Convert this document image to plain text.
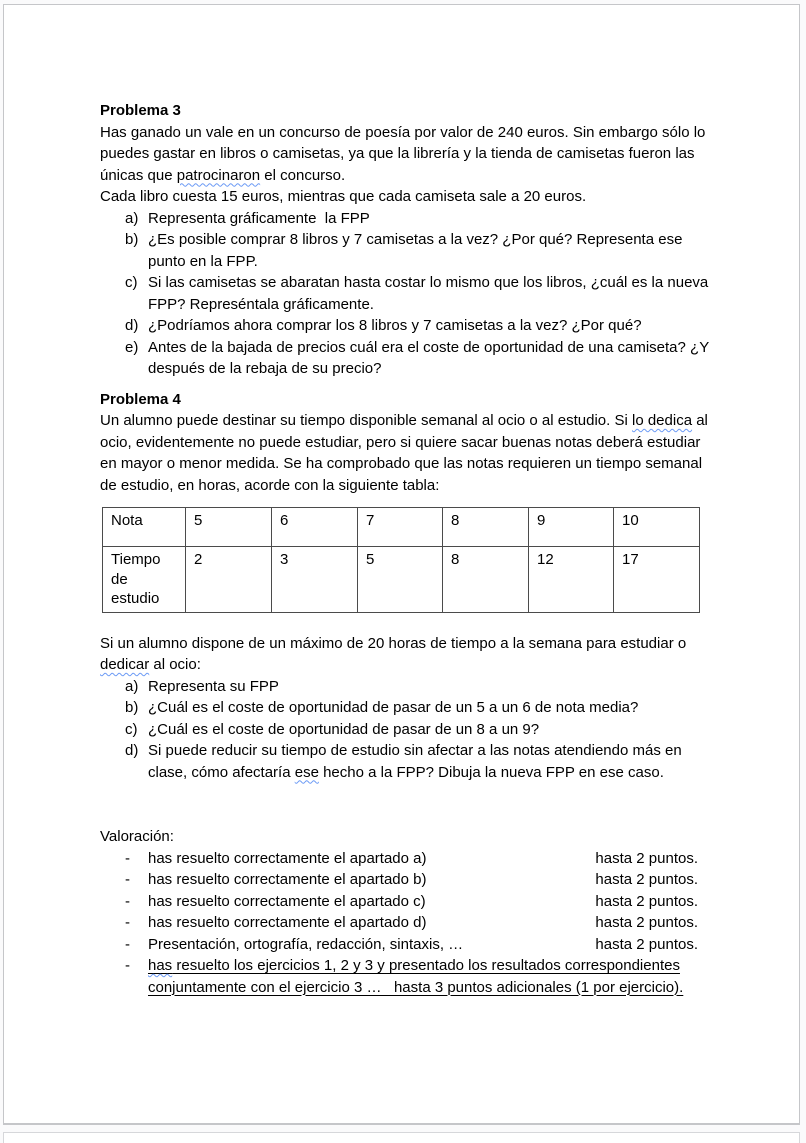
Problema 3

Has ganado un vale en un concurso de poesía por valor de 240 euros. Sin embargo sólo lo puedes gastar en libros o camisetas, ya que la librería y la tienda de camisetas fueron las únicas que patrocinaron el concurso.

Cada libro cuesta 15 euros, mientras que cada camiseta sale a 20 euros.

a) Representa gráficamente  la FPP
b) ¿Es posible comprar 8 libros y 7 camisetas a la vez? ¿Por qué? Representa ese punto en la FPP.
c) Si las camisetas se abaratan hasta costar lo mismo que los libros, ¿cuál es la nueva FPP? Represéntala gráficamente.
d) ¿Podríamos ahora comprar los 8 libros y 7 camisetas a la vez? ¿Por qué?
e) Antes de la bajada de precios cuál era el coste de oportunidad de una camiseta? ¿Y después de la rebaja de su precio?
Problema 4

Un alumno puede destinar su tiempo disponible semanal al ocio o al estudio. Si lo dedica al ocio, evidentemente no puede estudiar, pero si quiere sacar buenas notas deberá estudiar en mayor o menor medida. Se ha comprobado que las notas requieren un tiempo semanal de estudio, en horas, acorde con la siguiente tabla:

Nota	5	6	7	8	9	10
Tiempo de estudio	2	3	5	8	12	17

Si un alumno dispone de un máximo de 20 horas de tiempo a la semana para estudiar o dedicar al ocio:

a) Representa su FPP
b) ¿Cuál es el coste de oportunidad de pasar de un 5 a un 6 de nota media?
c) ¿Cuál es el coste de oportunidad de pasar de un 8 a un 9?
d) Si puede reducir su tiempo de estudio sin afectar a las notas atendiendo más en clase, cómo afectaría ese hecho a la FPP? Dibuja la nueva FPP en ese caso.

Valoración:

-	has resuelto correctamente el apartado a)	hasta 2 puntos.
-	has resuelto correctamente el apartado b)	hasta 2 puntos.
-	has resuelto correctamente el apartado c)	hasta 2 puntos.
-	has resuelto correctamente el apartado d)	hasta 2 puntos.
-	Presentación, ortografía, redacción, sintaxis, …	hasta 2 puntos.
-	has resuelto los ejercicios 1, 2 y 3 y presentado los resultados correspondientes
conjuntamente con el ejercicio 3 …   hasta 3 puntos adicionales (1 por ejercicio).
